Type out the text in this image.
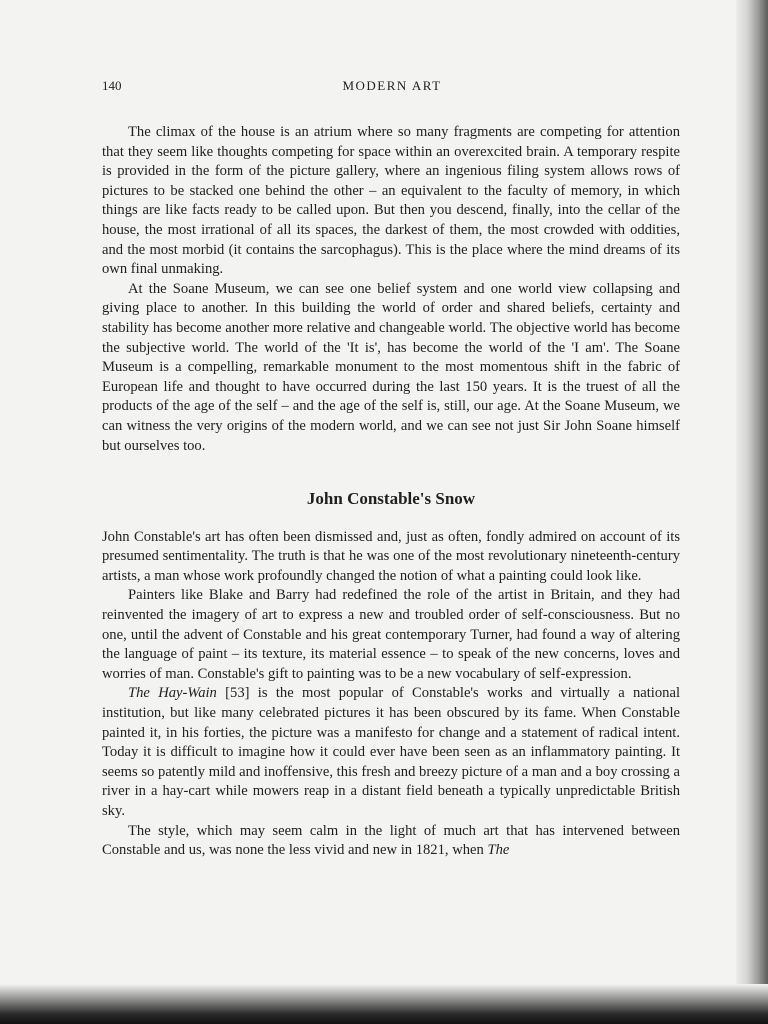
140	MODERN ART

The climax of the house is an atrium where so many fragments are competing for attention that they seem like thoughts competing for space within an overexcited brain. A temporary respite is provided in the form of the picture gallery, where an ingenious filing system allows rows of pictures to be stacked one behind the other – an equivalent to the faculty of memory, in which things are like facts ready to be called upon. But then you descend, finally, into the cellar of the house, the most irrational of all its spaces, the darkest of them, the most crowded with oddities, and the most morbid (it contains the sarcophagus). This is the place where the mind dreams of its own final unmaking.

At the Soane Museum, we can see one belief system and one world view collapsing and giving place to another. In this building the world of order and shared beliefs, certainty and stability has become another more relative and changeable world. The objective world has become the subjective world. The world of the 'It is', has become the world of the 'I am'. The Soane Museum is a compelling, remarkable monument to the most momentous shift in the fabric of European life and thought to have occurred during the last 150 years. It is the truest of all the products of the age of the self – and the age of the self is, still, our age. At the Soane Museum, we can witness the very origins of the modern world, and we can see not just Sir John Soane himself but ourselves too.

John Constable's Snow

John Constable's art has often been dismissed and, just as often, fondly admired on account of its presumed sentimentality. The truth is that he was one of the most revolutionary nineteenth-century artists, a man whose work profoundly changed the notion of what a painting could look like.

Painters like Blake and Barry had redefined the role of the artist in Britain, and they had reinvented the imagery of art to express a new and troubled order of self-consciousness. But no one, until the advent of Constable and his great contemporary Turner, had found a way of altering the language of paint – its texture, its material essence – to speak of the new concerns, loves and worries of man. Constable's gift to painting was to be a new vocabulary of self-expression.

The Hay-Wain [53] is the most popular of Constable's works and virtually a national institution, but like many celebrated pictures it has been obscured by its fame. When Constable painted it, in his forties, the picture was a manifesto for change and a statement of radical intent. Today it is difficult to imagine how it could ever have been seen as an inflammatory painting. It seems so patently mild and inoffensive, this fresh and breezy picture of a man and a boy crossing a river in a hay-cart while mowers reap in a distant field beneath a typically unpredictable British sky.

The style, which may seem calm in the light of much art that has intervened between Constable and us, was none the less vivid and new in 1821, when The
